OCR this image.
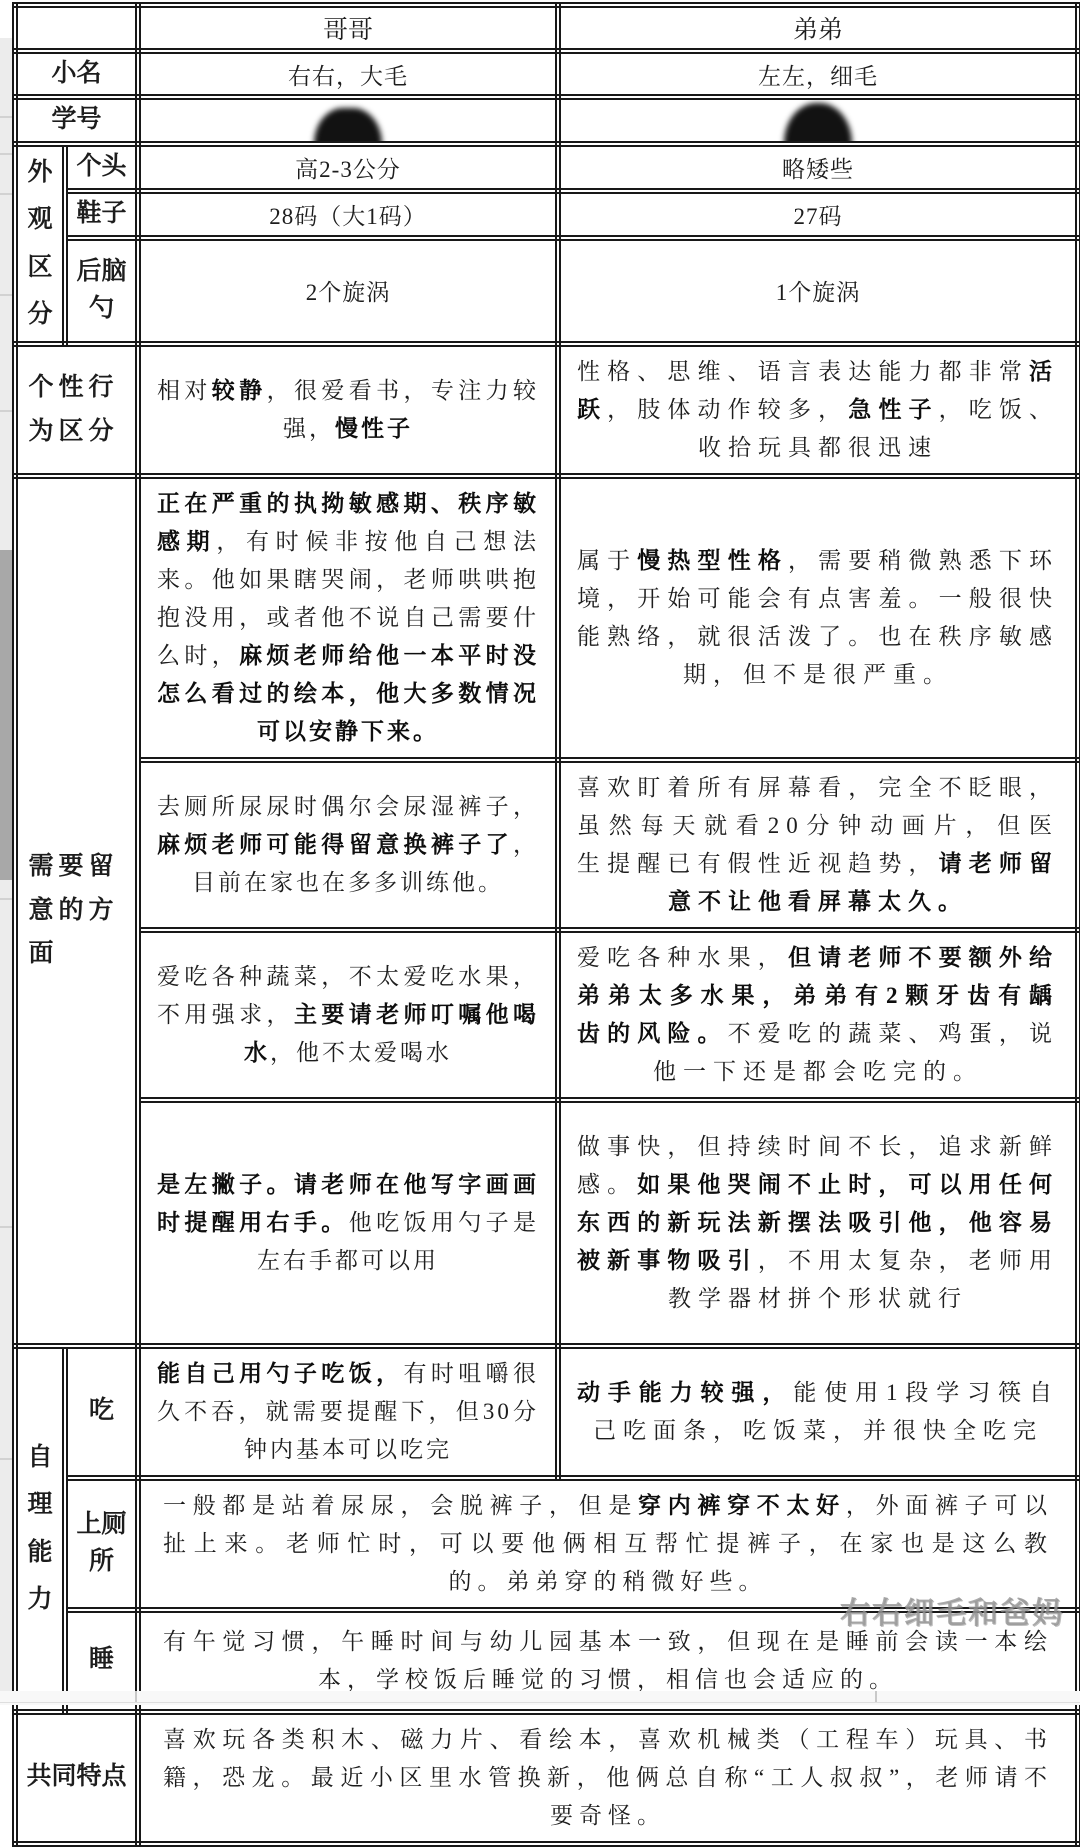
		哥哥	弟弟
小名		右右，大毛	左左，细毛
学号		

外观区分	个头	高2-3公分	略矮些
	鞋子	28码（大1码）	27码
	后脑勺	2个旋涡	1个旋涡

个性行为区分		相对较静，很爱看书，专注力较强，慢性子	性格、思维、语言表达能力都非常活跃，肢体动作较多，急性子，吃饭、收拾玩具都很迅速

需要留意的方面		正在严重的执拗敏感期、秩序敏感期，有时候非按他自己想法来。他如果瞎哭闹，老师哄哄抱抱没用，或者他不说自己需要什么时，麻烦老师给他一本平时没怎么看过的绘本，他大多数情况可以安静下来。	属于慢热型性格，需要稍微熟悉下环境，开始可能会有点害羞。一般很快能熟络，就很活泼了。也在秩序敏感期，但不是很严重。

		去厕所尿尿时偶尔会尿湿裤子，麻烦老师可能得留意换裤子了，目前在家也在多多训练他。	喜欢盯着所有屏幕看，完全不眨眼，虽然每天就看20分钟动画片，但医生提醒已有假性近视趋势，请老师留意不让他看屏幕太久。

		爱吃各种蔬菜，不太爱吃水果，不用强求，主要请老师叮嘱他喝水，他不太爱喝水	爱吃各种水果，但请老师不要额外给弟弟太多水果，弟弟有2颗牙齿有龋齿的风险。不爱吃的蔬菜、鸡蛋，说他一下还是都会吃完的。

		是左撇子。请老师在他写字画画时提醒用右手。他吃饭用勺子是左右手都可以用	做事快，但持续时间不长，追求新鲜感。如果他哭闹不止时，可以用任何东西的新玩法新摆法吸引他，他容易被新事物吸引，不用太复杂，老师用教学器材拼个形状就行

自理能力	吃	能自己用勺子吃饭，有时咀嚼很久不吞，就需要提醒下，但30分钟内基本可以吃完	动手能力较强，能使用1段学习筷自己吃面条，吃饭菜，并很快全吃完

	上厕所	一般都是站着尿尿，会脱裤子，但是穿内裤穿不太好，外面裤子可以扯上来。老师忙时，可以要他俩相互帮忙提裤子，在家也是这么教的。弟弟穿的稍微好些。	

	睡	有午觉习惯，午睡时间与幼儿园基本一致，但现在是睡前会读一本绘本，学校饭后睡觉的习惯，相信也会适应的。	

共同特点		喜欢玩各类积木、磁力片、看绘本，喜欢机械类（工程车）玩具、书籍，恐龙。最近小区里水管换新，他俩总自称“工人叔叔”，老师请不要奇怪。	
右右细毛和爸妈
